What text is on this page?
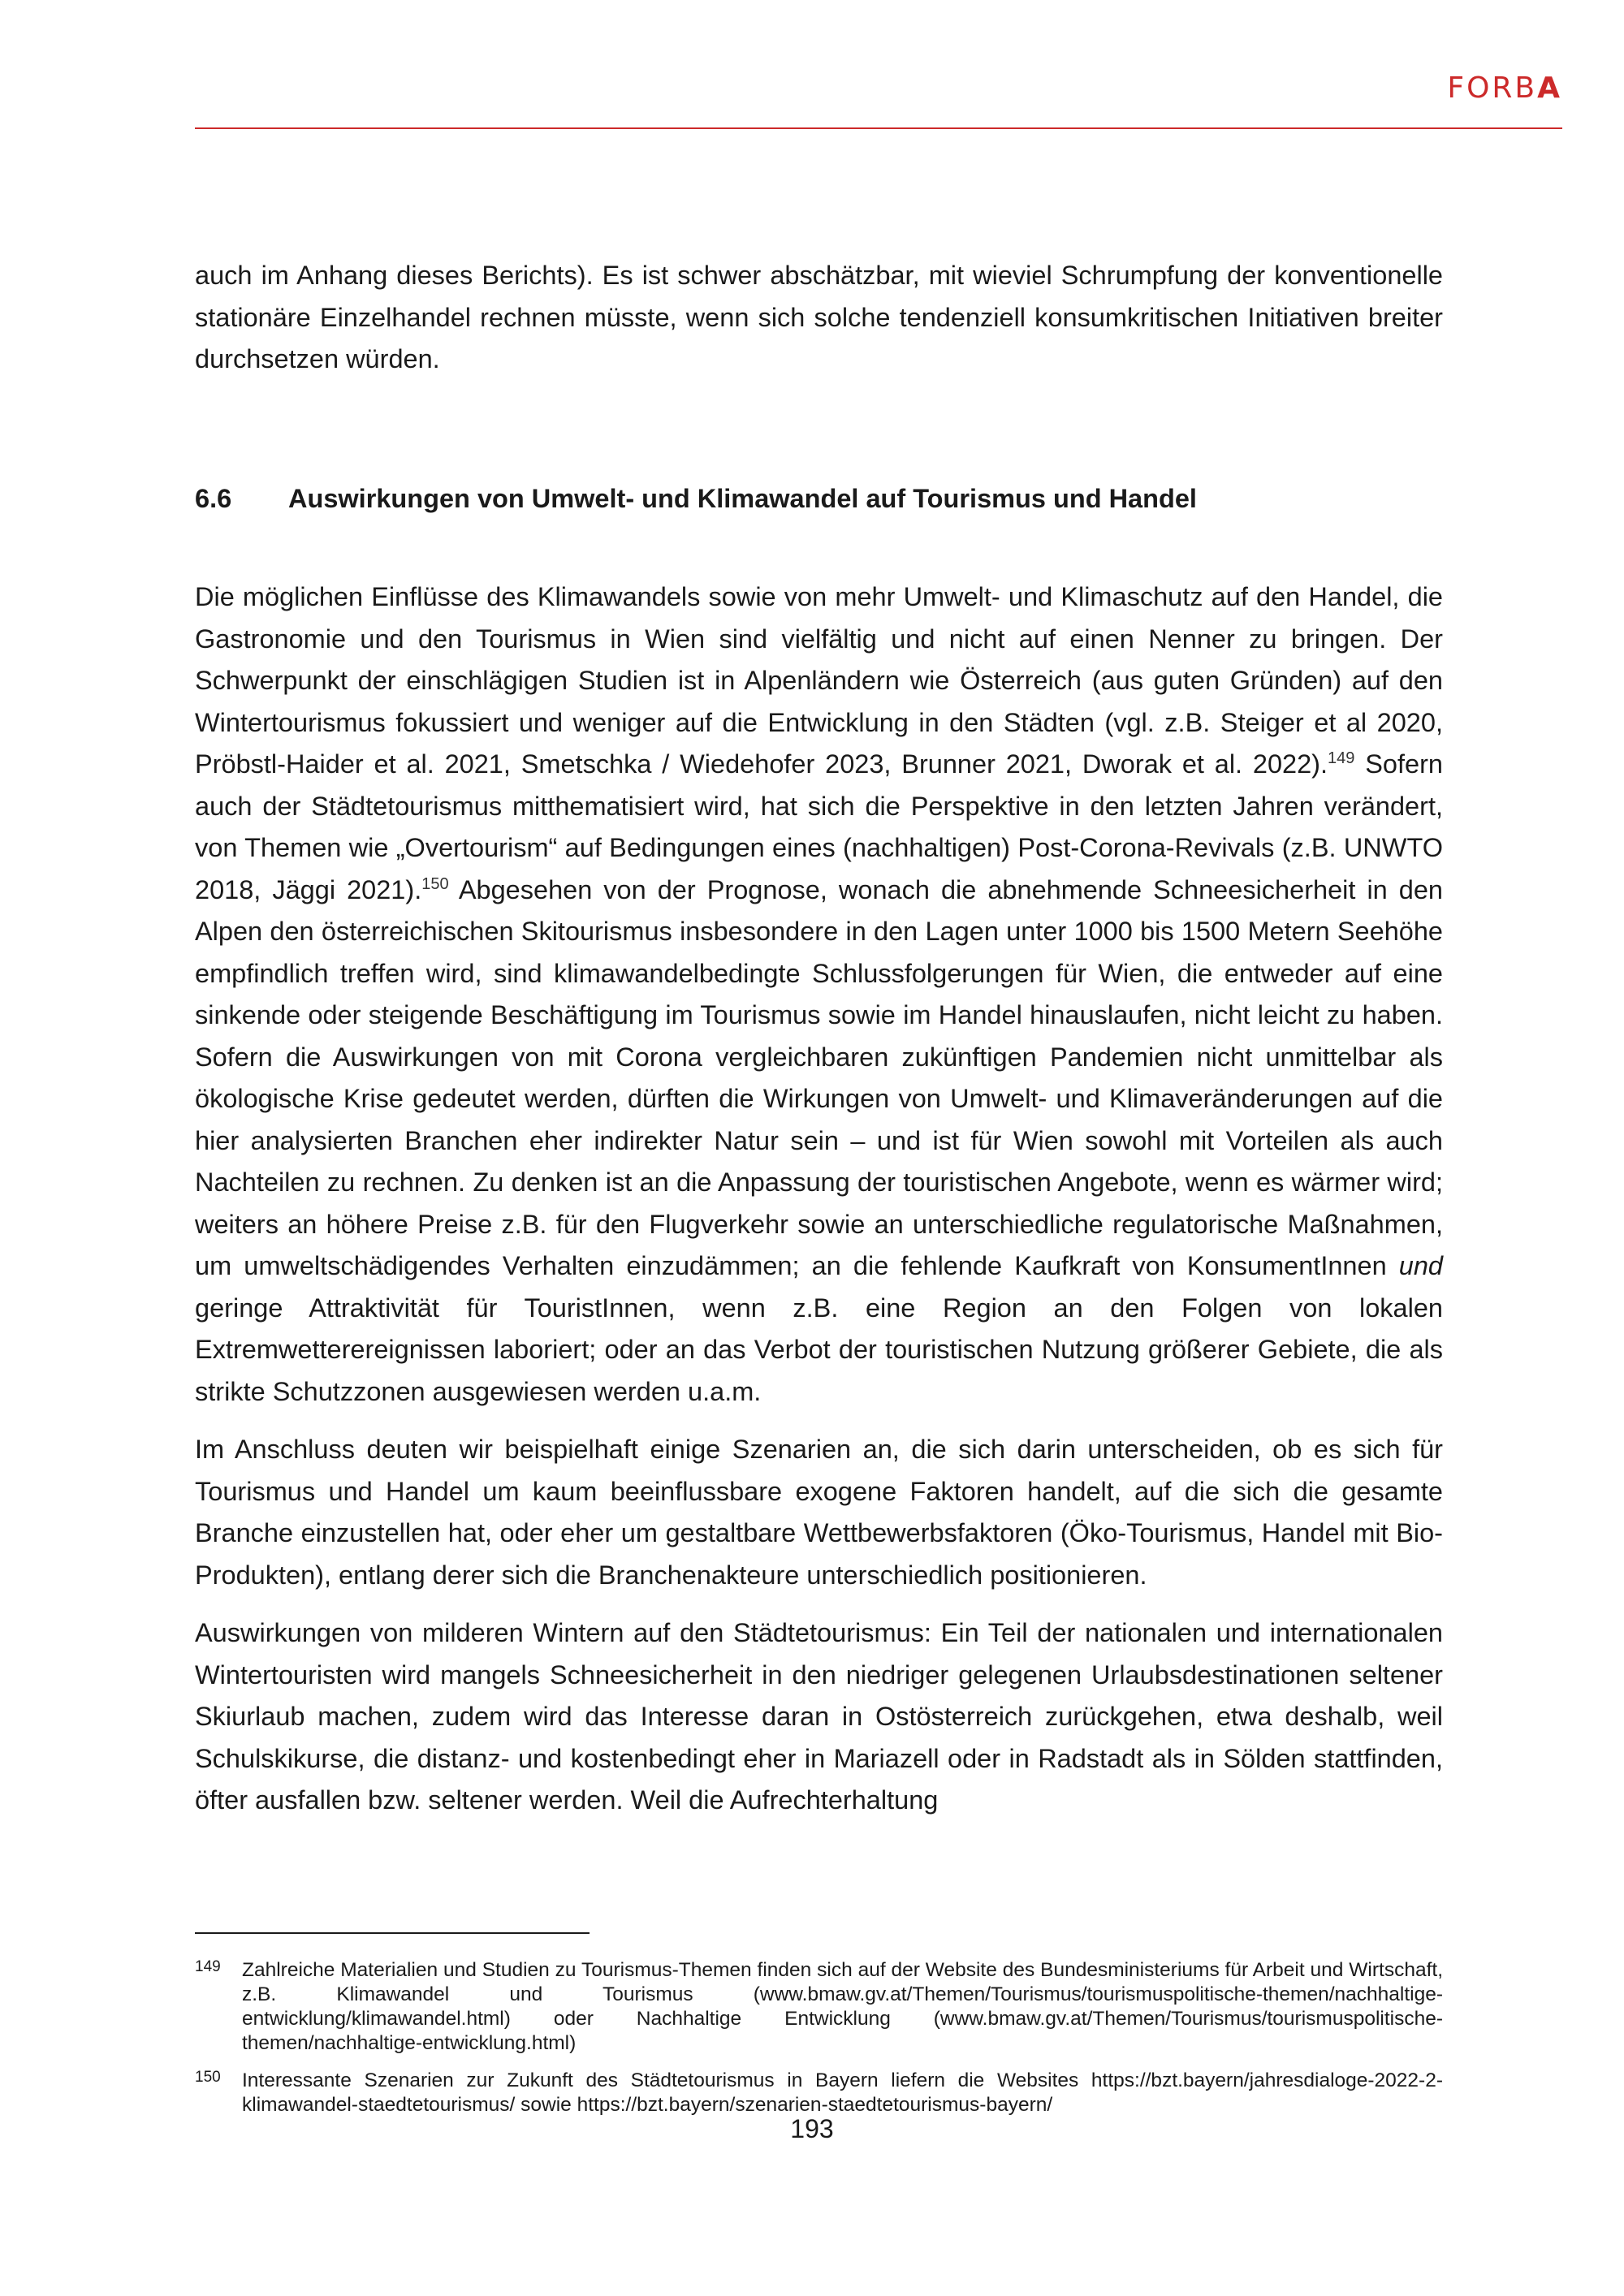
FORBA

auch im Anhang dieses Berichts). Es ist schwer abschätzbar, mit wieviel Schrumpfung der konventionelle stationäre Einzelhandel rechnen müsste, wenn sich solche tendenziell konsumkritischen Initiativen breiter durchsetzen würden.

6.6 Auswirkungen von Umwelt- und Klimawandel auf Tourismus und Handel

Die möglichen Einflüsse des Klimawandels sowie von mehr Umwelt- und Klimaschutz auf den Handel, die Gastronomie und den Tourismus in Wien sind vielfältig und nicht auf einen Nenner zu bringen. Der Schwerpunkt der einschlägigen Studien ist in Alpenländern wie Österreich (aus guten Gründen) auf den Wintertourismus fokussiert und weniger auf die Entwicklung in den Städten (vgl. z.B. Steiger et al 2020, Pröbstl-Haider et al. 2021, Smetschka / Wiedehofer 2023, Brunner 2021, Dworak et al. 2022).$^{149}$ Sofern auch der Städtetourismus mitthematisiert wird, hat sich die Perspektive in den letzten Jahren verändert, von Themen wie „Overtourism“ auf Bedingungen eines (nachhaltigen) Post-Corona-Revivals (z.B. UNWTO 2018, Jäggi 2021).$^{150}$ Abgesehen von der Prognose, wonach die abnehmende Schneesicherheit in den Alpen den österreichischen Skitourismus insbesondere in den Lagen unter 1000 bis 1500 Metern Seehöhe empfindlich treffen wird, sind klimawandelbedingte Schlussfolgerungen für Wien, die entweder auf eine sinkende oder steigende Beschäftigung im Tourismus sowie im Handel hinauslaufen, nicht leicht zu haben. Sofern die Auswirkungen von mit Corona vergleichbaren zukünftigen Pandemien nicht unmittelbar als ökologische Krise gedeutet werden, dürften die Wirkungen von Umwelt- und Klimaveränderungen auf die hier analysierten Branchen eher indirekter Natur sein – und ist für Wien sowohl mit Vorteilen als auch Nachteilen zu rechnen. Zu denken ist an die Anpassung der touristischen Angebote, wenn es wärmer wird; weiters an höhere Preise z.B. für den Flugverkehr sowie an unterschiedliche regulatorische Maßnahmen, um umweltschädigendes Verhalten einzudämmen; an die fehlende Kaufkraft von KonsumentInnen und geringe Attraktivität für TouristInnen, wenn z.B. eine Region an den Folgen von lokalen Extremwetterereignissen laboriert; oder an das Verbot der touristischen Nutzung größerer Gebiete, die als strikte Schutzzonen ausgewiesen werden u.a.m.

Im Anschluss deuten wir beispielhaft einige Szenarien an, die sich darin unterscheiden, ob es sich für Tourismus und Handel um kaum beeinflussbare exogene Faktoren handelt, auf die sich die gesamte Branche einzustellen hat, oder eher um gestaltbare Wettbewerbsfaktoren (Öko-Tourismus, Handel mit Bio-Produkten), entlang derer sich die Branchenakteure unterschiedlich positionieren.

Auswirkungen von milderen Wintern auf den Städtetourismus: Ein Teil der nationalen und internationalen Wintertouristen wird mangels Schneesicherheit in den niedriger gelegenen Urlaubsdestinationen seltener Skiurlaub machen, zudem wird das Interesse daran in Ostösterreich zurückgehen, etwa deshalb, weil Schulskikurse, die distanz- und kostenbedingt eher in Mariazell oder in Radstadt als in Sölden stattfinden, öfter ausfallen bzw. seltener werden. Weil die Aufrechterhaltung

149 Zahlreiche Materialien und Studien zu Tourismus-Themen finden sich auf der Website des Bundesministeriums für Arbeit und Wirtschaft, z.B. Klimawandel und Tourismus (www.bmaw.gv.at/Themen/Tourismus/tourismuspolitische-themen/nachhaltige-entwicklung/klimawandel.html) oder Nachhaltige Entwicklung (www.bmaw.gv.at/Themen/Tourismus/tourismuspolitische-themen/nachhaltige-entwicklung.html)
150 Interessante Szenarien zur Zukunft des Städtetourismus in Bayern liefern die Websites https://bzt.bayern/jahresdialoge-2022-2-klimawandel-staedtetourismus/ sowie https://bzt.bayern/szenarien-staedtetourismus-bayern/
193
